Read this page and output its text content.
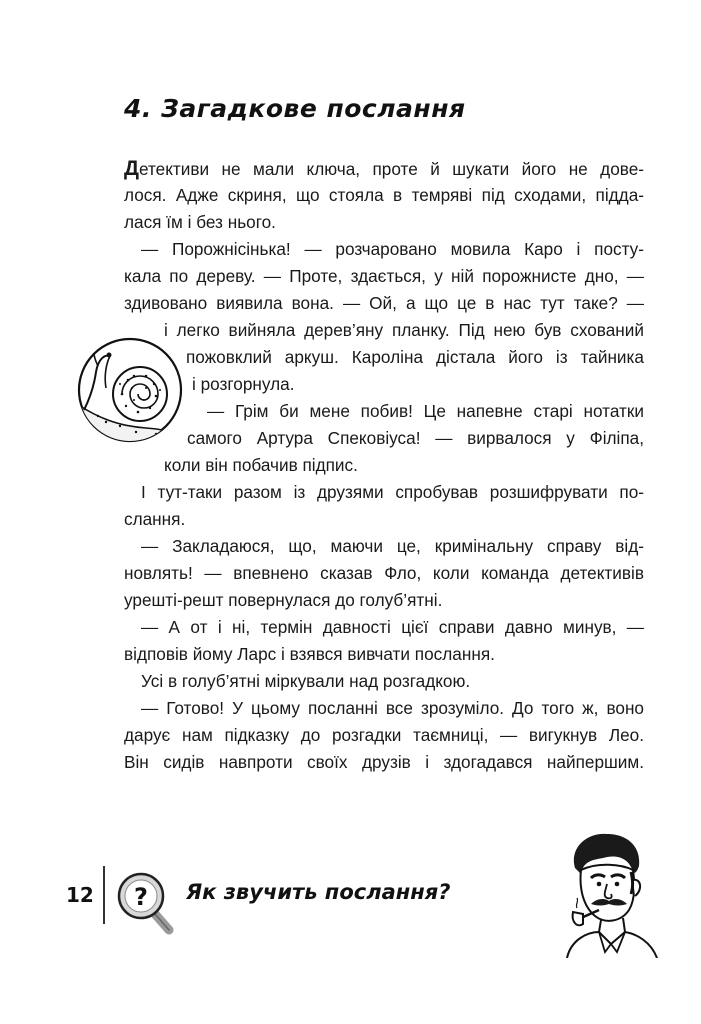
4. Загадкове послання
Детективи не мали ключа, проте й шукати його не дове-
лося. Адже скриня, що стояла в темряві під сходами, підда-
лася їм і без нього.
— Порожнісінька! — розчаровано мовила Каро і посту-
кала по дереву. — Проте, здається, у ній порожнисте дно, —
здивовано виявила вона. — Ой, а що це в нас тут таке? —
і легко вийняла дерев’яну планку. Під нею був схований
пожовклий аркуш. Кароліна дістала його із тайника
і розгорнула.
— Грім би мене побив! Це напевне старі нотатки
самого Артура Спековіуса! — вирвалося у Філіпа,
коли він побачив підпис.
І тут-таки разом із друзями спробував розшифрувати по-
слання.
— Закладаюся, що, маючи це, кримінальну справу від-
новлять! — впевнено сказав Фло, коли команда детективів
урешті-решт повернулася до голуб’ятні.
— А от і ні, термін давності цієї справи давно минув, —
відповів йому Ларс і взявся вивчати послання.
Усі в голуб’ятні міркували над розгадкою.
— Готово! У цьому посланні все зрозуміло. До того ж, воно
дарує нам підказку до розгадки таємниці, — вигукнув Лео.
Він сидів навпроти своїх друзів і здогадався найпершим.
12 ? Як звучить послання?
